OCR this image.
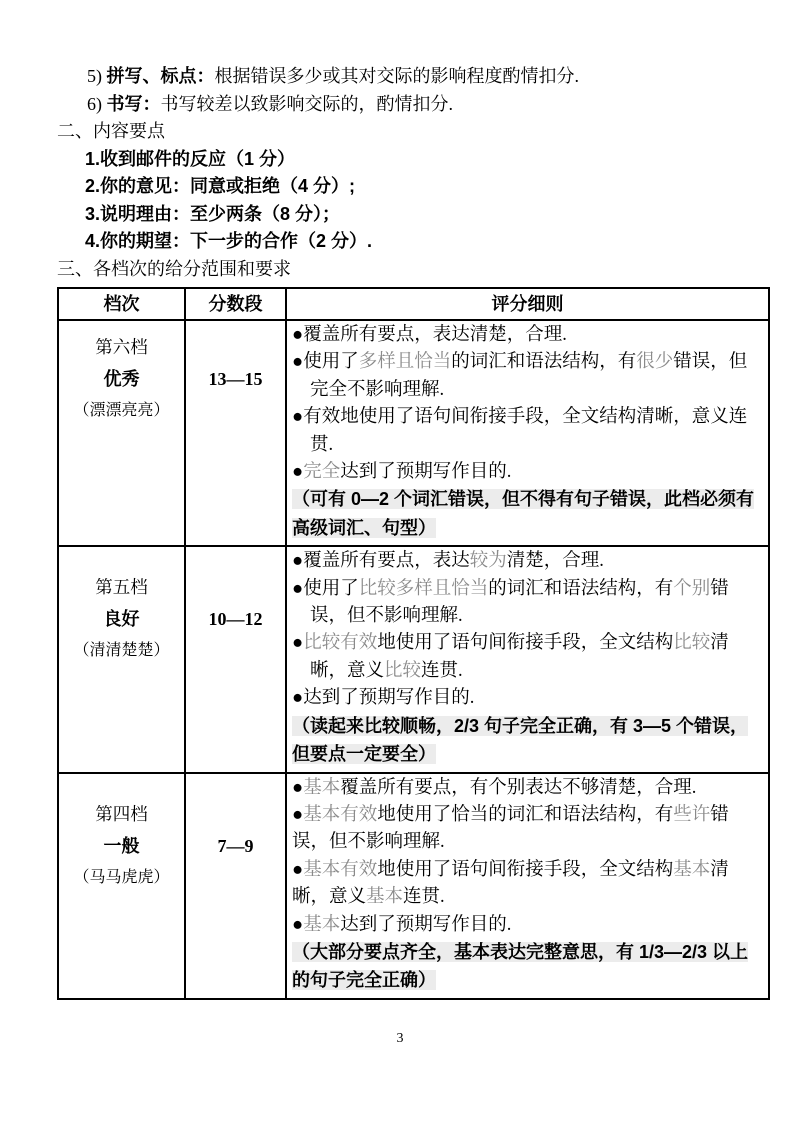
5) 拼写、标点：根据错误多少或其对交际的影响程度酌情扣分.
6) 书写：书写较差以致影响交际的，酌情扣分.
二、内容要点
1.收到邮件的反应（1 分）
2.你的意见：同意或拒绝（4 分）;
3.说明理由：至少两条（8 分）；
4.你的期望：下一步的合作（2 分）.
三、各档次的给分范围和要求
档次	分数段	评分细则
第六档
优秀
（漂漂亮亮）
13—15
●覆盖所有要点，表达清楚，合理.
●使用了多样且恰当的词汇和语法结构，有很少错误，但完全不影响理解.
●有效地使用了语句间衔接手段，全文结构清晰，意义连贯.
●完全达到了预期写作目的.
（可有 0—2 个词汇错误，但不得有句子错误，此档必须有高级词汇、句型）
第五档
良好
（清清楚楚）
10—12
●覆盖所有要点，表达较为清楚，合理.
●使用了比较多样且恰当的词汇和语法结构，有个别错误，但不影响理解.
●比较有效地使用了语句间衔接手段，全文结构比较清晰，意义比较连贯.
●达到了预期写作目的.
（读起来比较顺畅，2/3 句子完全正确，有 3—5 个错误，但要点一定要全）
第四档
一般
（马马虎虎）
7—9
●基本覆盖所有要点，有个别表达不够清楚，合理.
●基本有效地使用了恰当的词汇和语法结构，有些许错误，但不影响理解.
●基本有效地使用了语句间衔接手段，全文结构基本清晰，意义基本连贯.
●基本达到了预期写作目的.
（大部分要点齐全，基本表达完整意思，有 1/3—2/3 以上的句子完全正确）
3
